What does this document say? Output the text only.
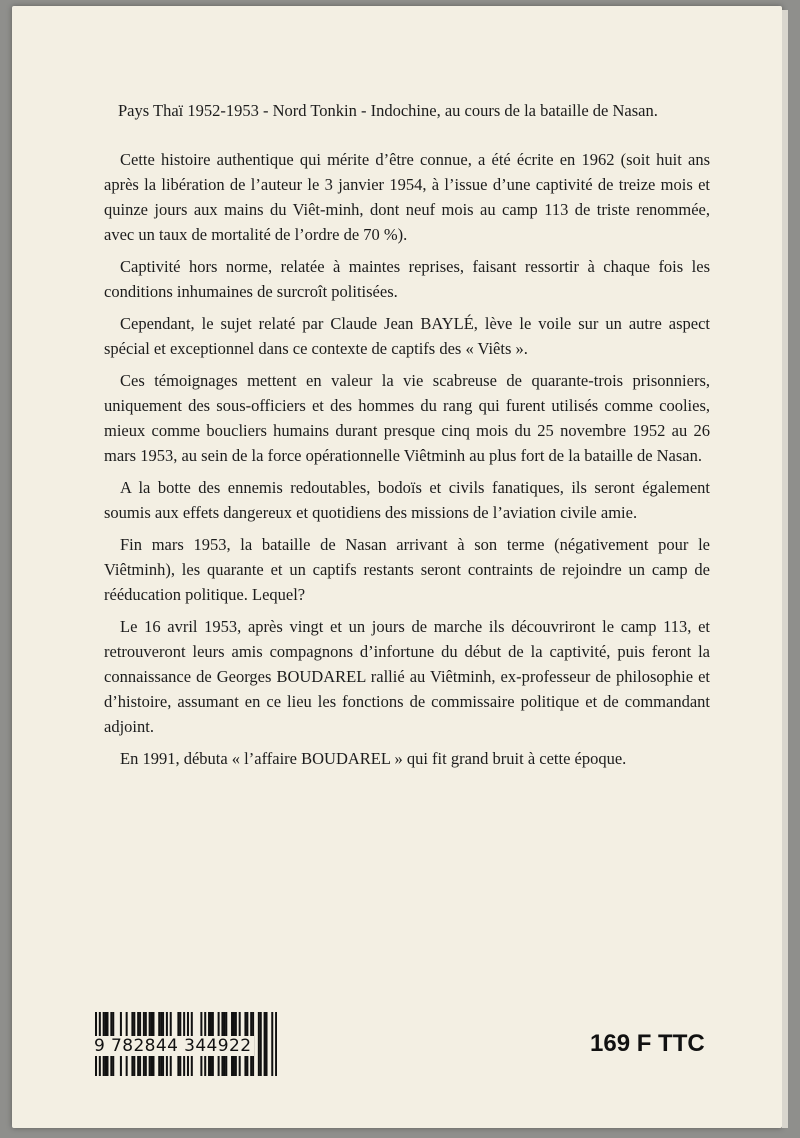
Pays Thaï 1952-1953 - Nord Tonkin - Indochine, au cours de la bataille de Nasan.

Cette histoire authentique qui mérite d’être connue, a été écrite en 1962 (soit huit ans après la libération de l’auteur le 3 janvier 1954, à l’issue d’une captivité de treize mois et quinze jours aux mains du Viêt-minh, dont neuf mois au camp 113 de triste renommée, avec un taux de mortalité de l’ordre de 70 %).

Captivité hors norme, relatée à maintes reprises, faisant ressortir à chaque fois les conditions inhumaines de surcroît politisées.

Cependant, le sujet relaté par Claude Jean BAYLÉ, lève le voile sur un autre aspect spécial et exceptionnel dans ce contexte de captifs des « Viêts ».

Ces témoignages mettent en valeur la vie scabreuse de quarante-trois prisonniers, uniquement des sous-officiers et des hommes du rang qui furent utilisés comme coolies, mieux comme boucliers humains durant presque cinq mois du 25 novembre 1952 au 26 mars 1953, au sein de la force opérationnelle Viêtminh au plus fort de la bataille de Nasan.

A la botte des ennemis redoutables, bodoïs et civils fanatiques, ils seront également soumis aux effets dangereux et quotidiens des missions de l’aviation civile amie.

Fin mars 1953, la bataille de Nasan arrivant à son terme (négativement pour le Viêtminh), les quarante et un captifs restants seront contraints de rejoindre un camp de rééducation politique. Lequel?

Le 16 avril 1953, après vingt et un jours de marche ils découvriront le camp 113, et retrouveront leurs amis compagnons d’infortune du début de la captivité, puis feront la connaissance de Georges BOUDAREL rallié au Viêtminh, ex-professeur de philosophie et d’histoire, assumant en ce lieu les fonctions de commissaire politique et de commandant adjoint.

En 1991, débuta « l’affaire BOUDAREL » qui fit grand bruit à cette époque.

9 782844 344922	169 F TTC
